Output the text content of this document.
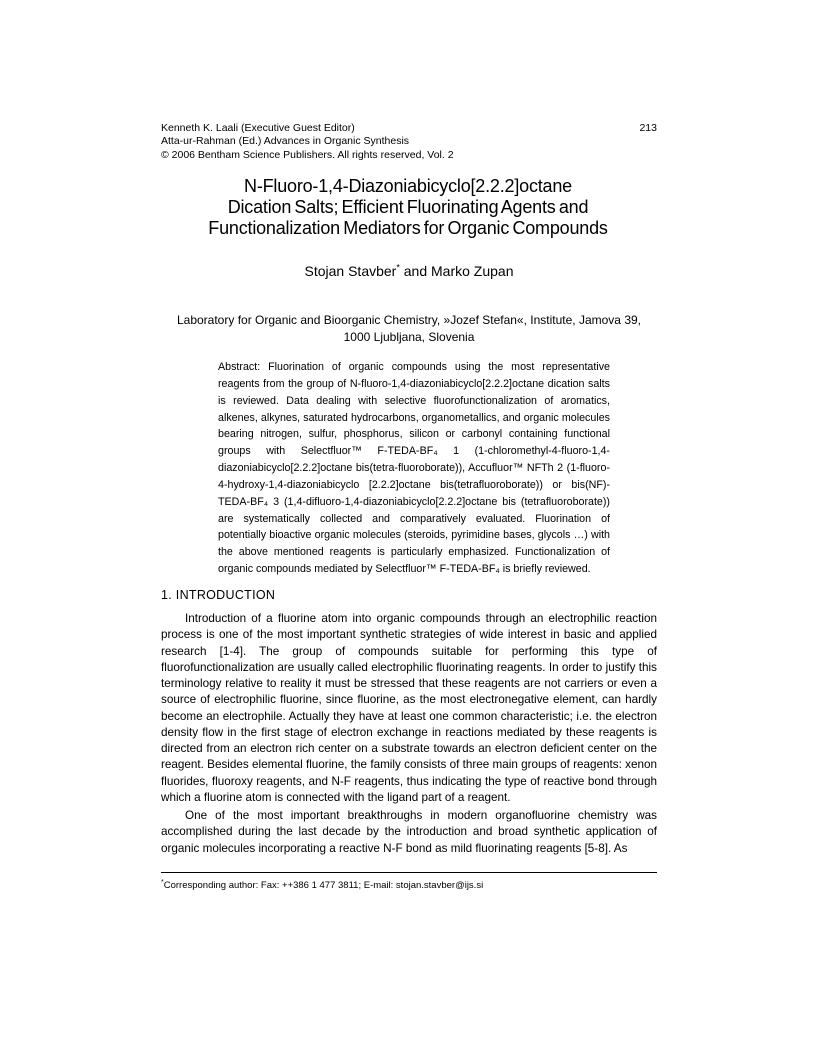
Kenneth K. Laali (Executive Guest Editor)	213
Atta-ur-Rahman (Ed.) Advances in Organic Synthesis
© 2006 Bentham Science Publishers. All rights reserved, Vol. 2
N-Fluoro-1,4-Diazoniabicyclo[2.2.2]octane
Dication Salts; Efficient Fluorinating Agents and
Functionalization Mediators for Organic Compounds

Stojan Stavber* and Marko Zupan

Laboratory for Organic and Bioorganic Chemistry, »Jozef Stefan«, Institute, Jamova 39,
1000 Ljubljana, Slovenia

Abstract: Fluorination of organic compounds using the most representative reagents from the group of N-fluoro-1,4-diazoniabicyclo[2.2.2]octane dication salts is reviewed. Data dealing with selective fluorofunctionalization of aromatics, alkenes, alkynes, saturated hydrocarbons, organometallics, and organic molecules bearing nitrogen, sulfur, phosphorus, silicon or carbonyl containing functional groups with Selectfluor™ F-TEDA-BF₄ 1 (1-chloromethyl-4-fluoro-1,4-diazoniabicyclo[2.2.2]octane bis(tetra-fluoroborate)), Accufluor™ NFTh 2 (1-fluoro-4-hydroxy-1,4-diazoniabicyclo [2.2.2]octane bis(tetrafluoroborate)) or bis(NF)-TEDA-BF₄ 3 (1,4-difluoro-1,4-diazoniabicyclo[2.2.2]octane bis (tetrafluoroborate)) are systematically collected and comparatively evaluated. Fluorination of potentially bioactive organic molecules (steroids, pyrimidine bases, glycols …) with the above mentioned reagents is particularly emphasized. Functionalization of organic compounds mediated by Selectfluor™ F-TEDA-BF₄ is briefly reviewed.

1. INTRODUCTION

Introduction of a fluorine atom into organic compounds through an electrophilic reaction process is one of the most important synthetic strategies of wide interest in basic and applied research [1-4]. The group of compounds suitable for performing this type of fluorofunctionalization are usually called electrophilic fluorinating reagents. In order to justify this terminology relative to reality it must be stressed that these reagents are not carriers or even a source of electrophilic fluorine, since fluorine, as the most electronegative element, can hardly become an electrophile. Actually they have at least one common characteristic; i.e. the electron density flow in the first stage of electron exchange in reactions mediated by these reagents is directed from an electron rich center on a substrate towards an electron deficient center on the reagent. Besides elemental fluorine, the family consists of three main groups of reagents: xenon fluorides, fluoroxy reagents, and N-F reagents, thus indicating the type of reactive bond through which a fluorine atom is connected with the ligand part of a reagent.

One of the most important breakthroughs in modern organofluorine chemistry was accomplished during the last decade by the introduction and broad synthetic application of organic molecules incorporating a reactive N-F bond as mild fluorinating reagents [5-8]. As

*Corresponding author: Fax: ++386 1 477 3811; E-mail: stojan.stavber@ijs.si
